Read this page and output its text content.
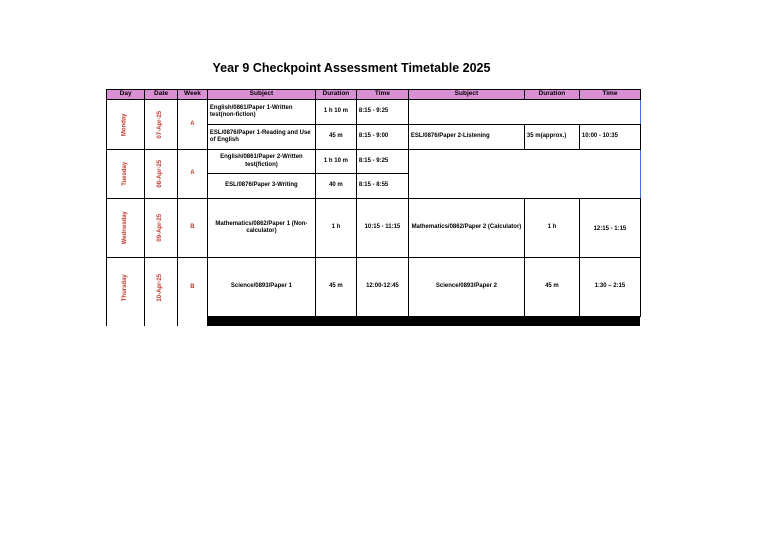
Year 9 Checkpoint Assessment Timetable 2025
Day	Date	Week	Subject	Duration	Time	Subject	Duration	Time
Monday	07-Apr-25	A	English/0861/Paper 1-Written test(non-fiction)	1 h 10 m	8:15 - 9:25			
			ESL/0876/Paper 1-Reading and Use of English	45 m	8:15 - 9:00	ESL/0876/Paper 2-Listening	35 m(approx.)	10:00 - 10:35
Tuesday	08-Apr-25	A	English/0861/Paper 2-Written test(fiction)	1 h 10 m	8:15 - 9:25			
			ESL/0876/Paper 3-Writing	40 m	8:15 - 8:55			
Wednesday	09-Apr-25	B	Mathematics/0862/Paper 1 (Non-calculator)	1 h	10:15 - 11:15	Mathematics/0862/Paper 2 (Calculator)	1 h	12:15 - 1:15
Thursday	10-Apr-25	B	Science/0893/Paper 1	45 m	12:00-12:45	Science/0893/Paper 2	45 m	1:30 – 2:15
